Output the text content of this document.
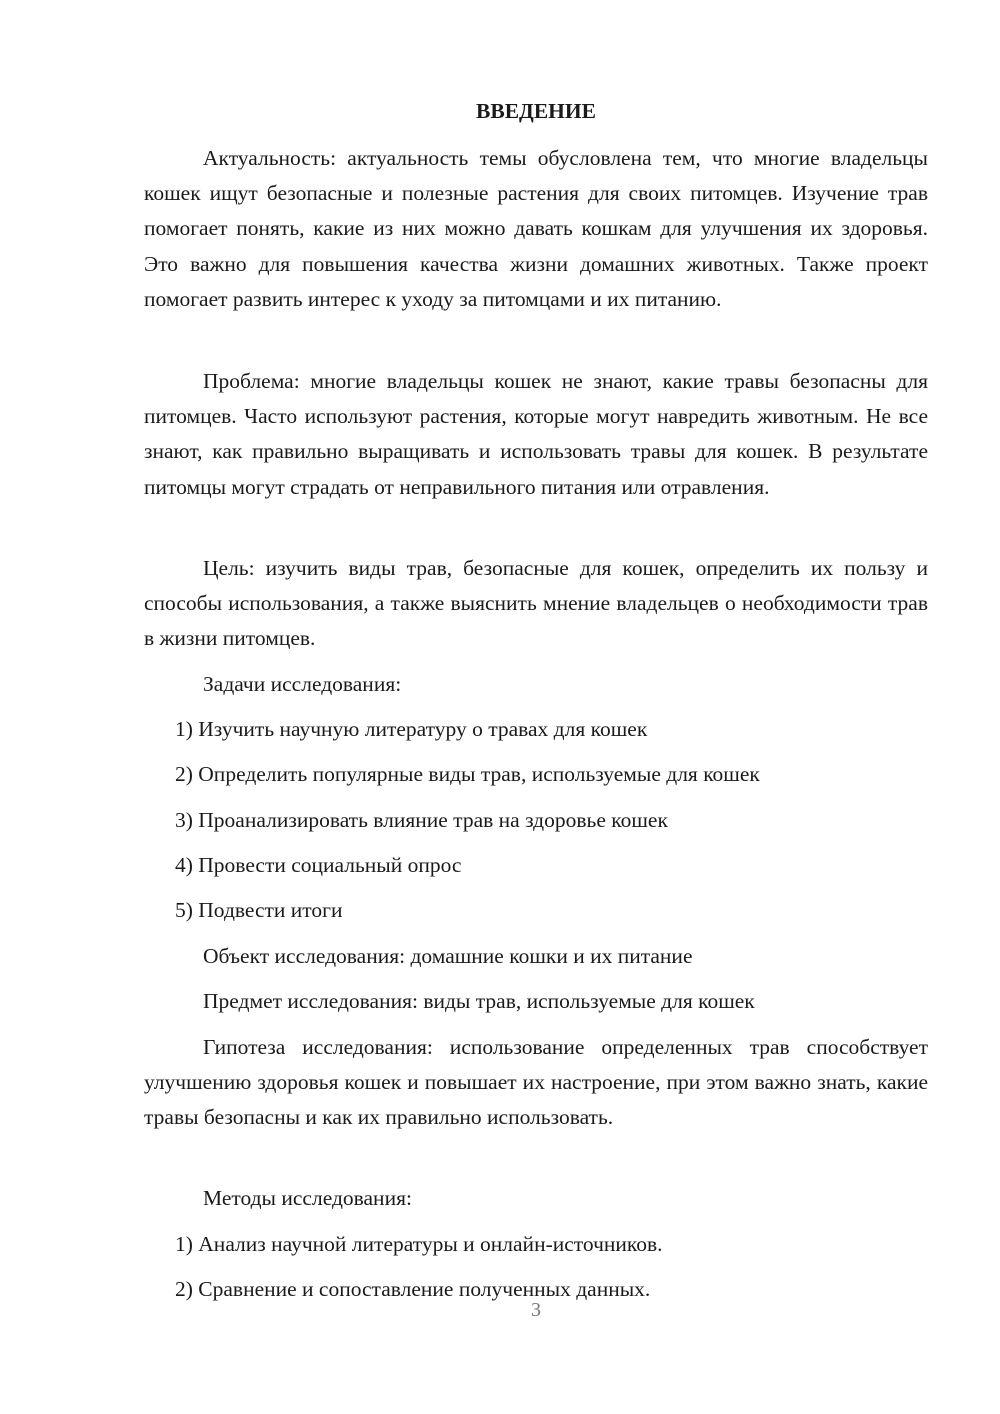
ВВЕДЕНИЕ

Актуальность: актуальность темы обусловлена тем, что многие владельцы кошек ищут безопасные и полезные растения для своих питомцев. Изучение трав помогает понять, какие из них можно давать кошкам для улучшения их здоровья. Это важно для повышения качества жизни домашних животных. Также проект помогает развить интерес к уходу за питомцами и их питанию.

Проблема: многие владельцы кошек не знают, какие травы безопасны для питомцев. Часто используют растения, которые могут навредить животным. Не все знают, как правильно выращивать и использовать травы для кошек. В результате питомцы могут страдать от неправильного питания или отравления.

Цель: изучить виды трав, безопасные для кошек, определить их пользу и способы использования, а также выяснить мнение владельцев о необходимости трав в жизни питомцев.

Задачи исследования:
1) Изучить научную литературу о травах для кошек
2) Определить популярные виды трав, используемые для кошек
3) Проанализировать влияние трав на здоровье кошек
4) Провести социальный опрос
5) Подвести итоги
Объект исследования: домашние кошки и их питание
Предмет исследования: виды трав, используемые для кошек

Гипотеза исследования: использование определенных трав способствует улучшению здоровья кошек и повышает их настроение, при этом важно знать, какие травы безопасны и как их правильно использовать.

Методы исследования:
1) Анализ научной литературы и онлайн-источников.
2) Сравнение и сопоставление полученных данных.
3
